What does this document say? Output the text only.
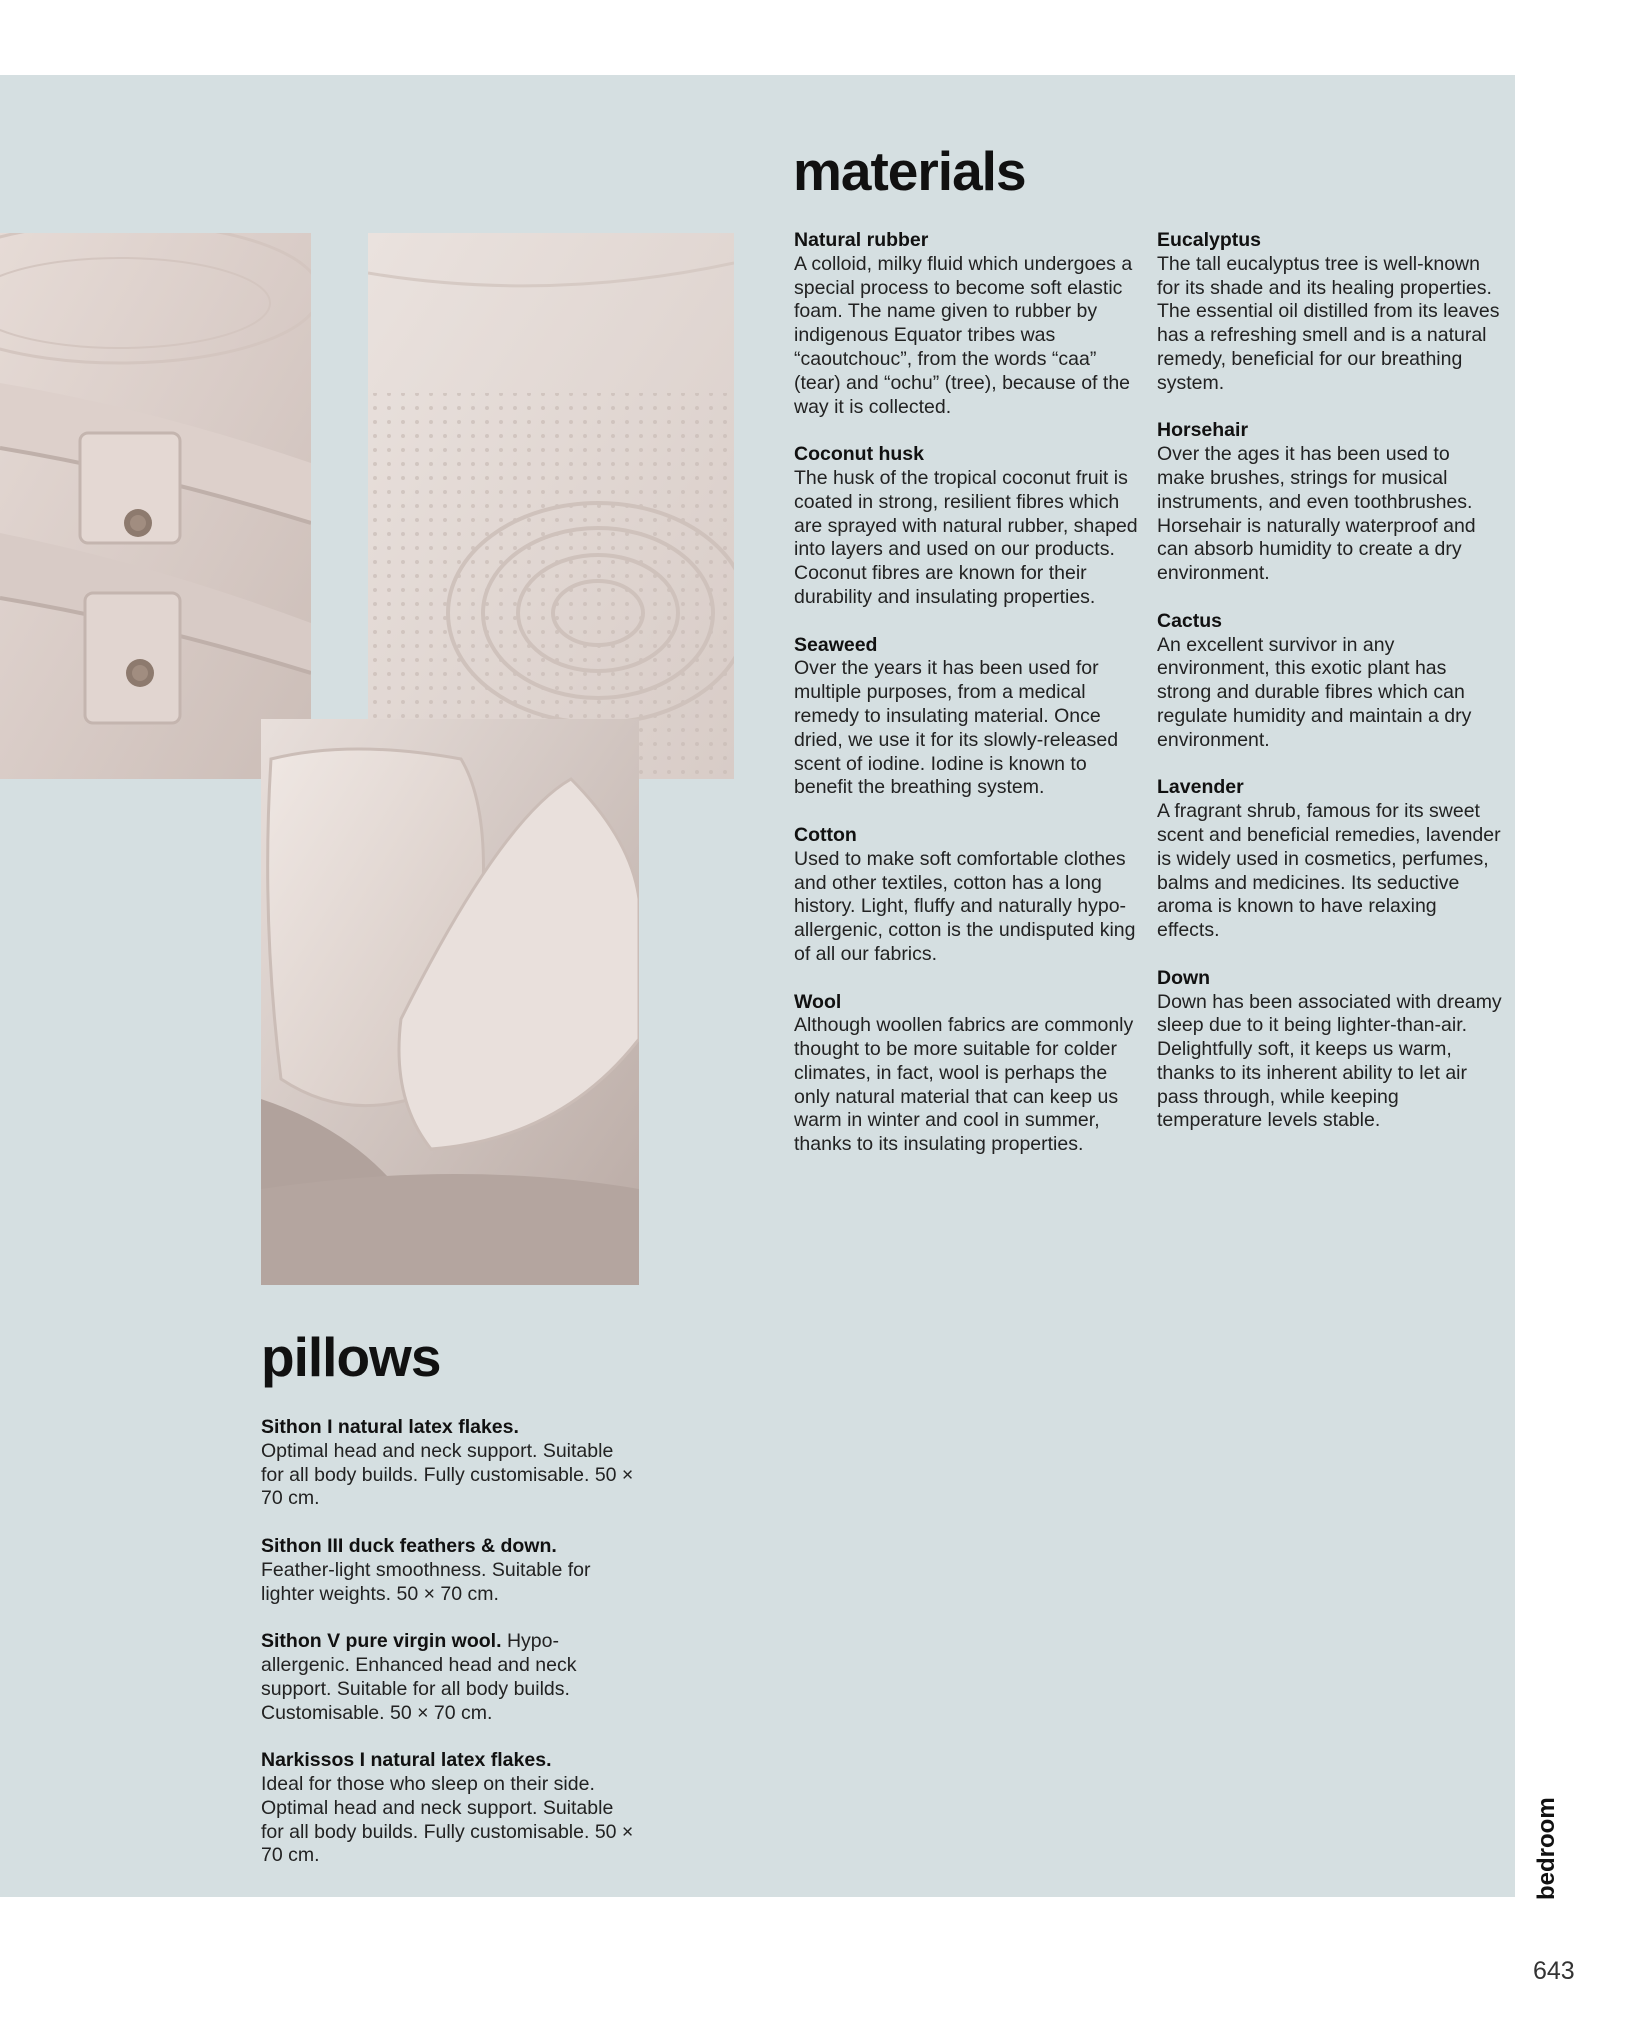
materials
Natural rubber
A colloid, milky fluid which undergoes a special process to become soft elastic foam. The name given to rubber by indigenous Equator tribes was “caoutchouc”, from the words “caa” (tear) and “ochu” (tree), because of the way it is collected.
Coconut husk
The husk of the tropical coconut fruit is coated in strong, resilient fibres which are sprayed with natural rubber, shaped into layers and used on our products. Coconut fibres are known for their durability and insulating properties.
Seaweed
Over the years it has been used for multiple purposes, from a medical remedy to insulating material. Once dried, we use it for its slowly-released scent of iodine. Iodine is known to benefit the breathing system.
Cotton
Used to make soft comfortable clothes and other textiles, cotton has a long history. Light, fluffy and naturally hypo-allergenic, cotton is the undisputed king of all our fabrics.
Wool
Although woollen fabrics are commonly thought to be more suitable for colder climates, in fact, wool is perhaps the only natural material that can keep us warm in winter and cool in summer, thanks to its insulating properties.
Eucalyptus
The tall eucalyptus tree is well-known for its shade and its healing properties. The essential oil distilled from its leaves has a refreshing smell and is a natural remedy, beneficial for our breathing system.
Horsehair
Over the ages it has been used to make brushes, strings for musical instruments, and even toothbrushes. Horsehair is naturally waterproof and can absorb humidity to create a dry environment.
Cactus
An excellent survivor in any environment, this exotic plant has strong and durable fibres which can regulate humidity and maintain a dry environment.
Lavender
A fragrant shrub, famous for its sweet scent and beneficial remedies, lavender is widely used in cosmetics, perfumes, balms and medicines. Its seductive aroma is known to have relaxing effects.
Down
Down has been associated with dreamy sleep due to it being lighter-than-air. Delightfully soft, it keeps us warm, thanks to its inherent ability to let air pass through, while keeping temperature levels stable.
pillows
Sithon I natural latex flakes.
Optimal head and neck support. Suitable for all body builds. Fully customisable. 50 × 70 cm.
Sithon III duck feathers & down.
Feather-light smoothness. Suitable for lighter weights. 50 × 70 cm.
Sithon V pure virgin wool. Hypo-allergenic. Enhanced head and neck support. Suitable for all body builds. Customisable. 50 × 70 cm.
Narkissos I natural latex flakes.
Ideal for those who sleep on their side. Optimal head and neck support. Suitable for all body builds. Fully customisable. 50 × 70 cm.	bedroom
643
